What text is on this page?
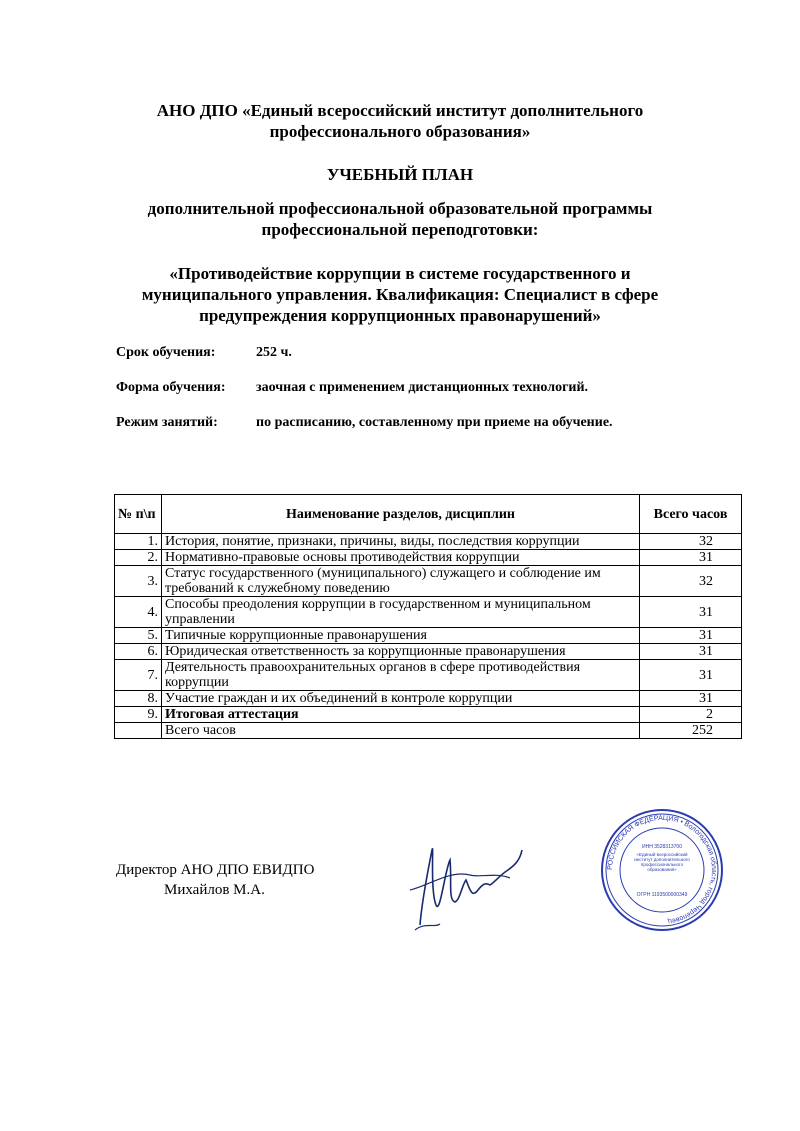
АНО ДПО «Единый всероссийский институт дополнительного профессионального образования»
УЧЕБНЫЙ ПЛАН
дополнительной профессиональной образовательной программы профессиональной переподготовки:
«Противодействие коррупции в системе государственного и муниципального управления. Квалификация: Специалист в сфере предупреждения коррупционных правонарушений»
Срок обучения:	252 ч.
Форма обучения: заочная с применением дистанционных технологий.
Режим занятий:	по расписанию, составленному при приеме на обучение.
№ п\п	Наименование разделов, дисциплин	Всего часов
1.	История, понятие, признаки, причины, виды, последствия коррупции	32
2.	Нормативно-правовые основы противодействия коррупции	31
3.	Статус государственного (муниципального) служащего и соблюдение им требований к служебному поведению	32
4.	Способы преодоления коррупции в государственном и муниципальном управлении	31
5.	Типичные коррупционные правонарушения	31
6.	Юридическая ответственность за коррупционные правонарушения	31
7.	Деятельность правоохранительных органов в сфере противодействия коррупции	31
8.	Участие граждан и их объединений в контроле коррупции	31
9.	Итоговая аттестация	2
	Всего часов	252
Директор АНО ДПО ЕВИДПО
Михайлов М.А.
РОССИЙСКАЯ ФЕДЕРАЦИЯ • Вологодская область, город Череповец
ИНН 3528313700
«Единый всероссийский институт дополнительного профессионального образования»
ОГРН 1193500000349
